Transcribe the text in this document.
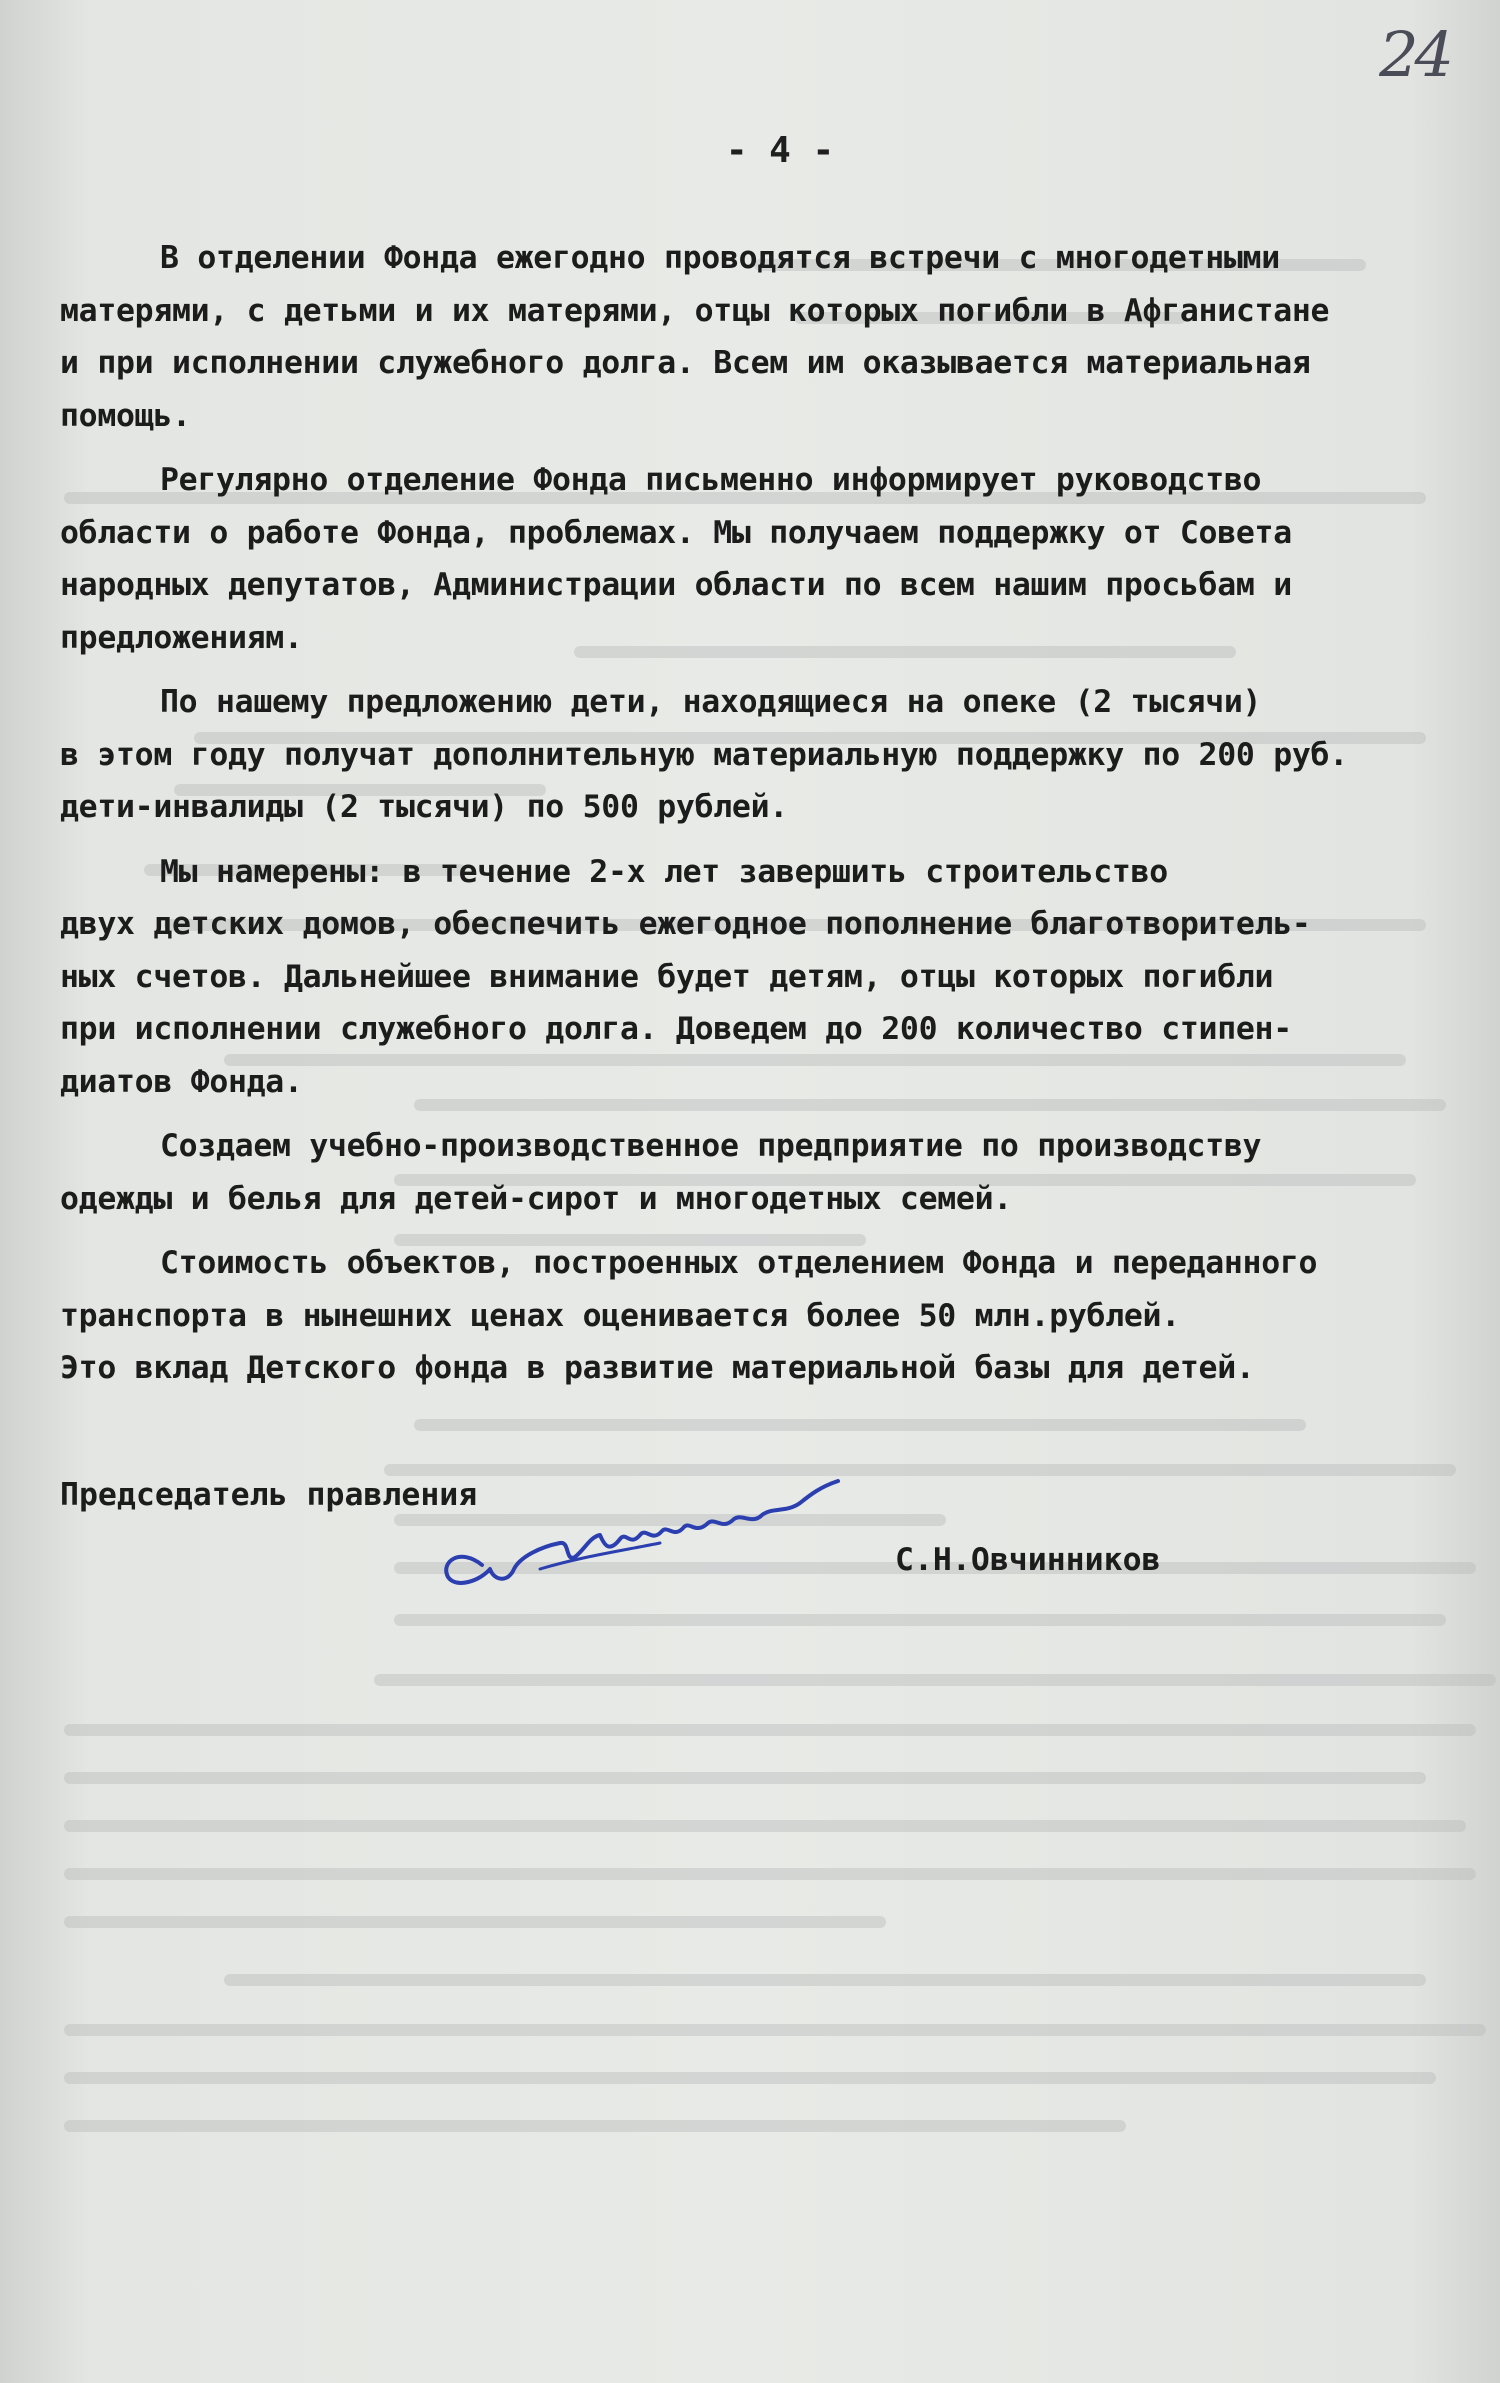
24
- 4 -

В отделении Фонда ежегодно проводятся встречи с многодетными
матерями, с детьми и их матерями, отцы которых погибли в Афганистане
и при исполнении служебного долга. Всем им оказывается материальная
помощь.

Регулярно отделение Фонда письменно информирует руководство
области о работе Фонда, проблемах. Мы получаем поддержку от Совета
народных депутатов, Администрации области по всем нашим просьбам и
предложениям.

По нашему предложению дети, находящиеся на опеке (2 тысячи)
в этом году получат дополнительную материальную поддержку по 200 руб.
дети-инвалиды (2 тысячи) по 500 рублей.

Мы намерены: в течение 2-х лет завершить строительство
двух детских домов, обеспечить ежегодное пополнение благотворитель-
ных счетов. Дальнейшее внимание будет детям, отцы которых погибли
при исполнении служебного долга. Доведем до 200 количество стипен-
диатов Фонда.

Создаем учебно-производственное предприятие по производству
одежды и белья для детей-сирот и многодетных семей.

Стоимость объектов, построенных отделением Фонда и переданного
транспорта в нынешних ценах оценивается более 50 млн.рублей.
Это вклад Детского фонда в развитие материальной базы для детей.

Председатель правления
С.Н.Овчинников
